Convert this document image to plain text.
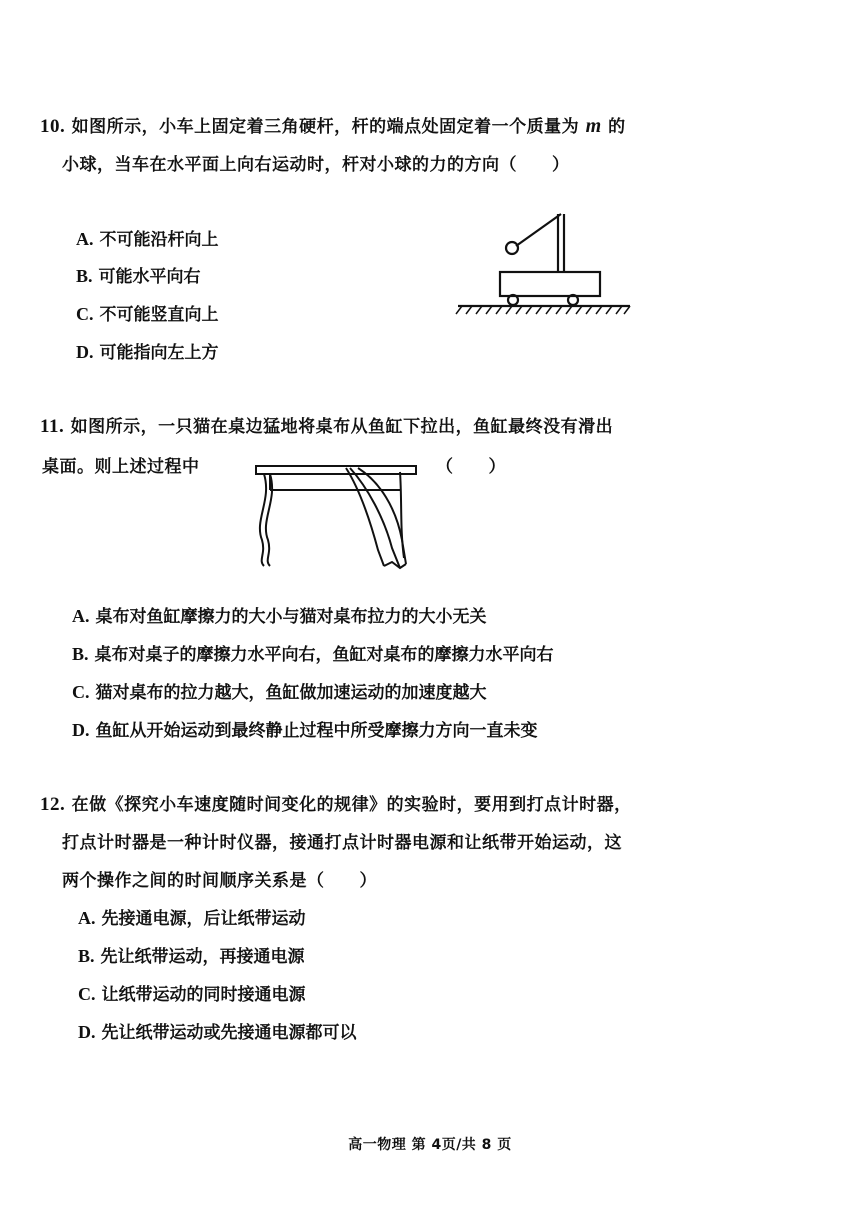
10. 如图所示，小车上固定着三角硬杆，杆的端点处固定着一个质量为 m 的
小球，当车在水平面上向右运动时，杆对小球的力的方向（　　）
A. 不可能沿杆向上
B. 可能水平向右
C. 不可能竖直向上
D. 可能指向左上方
11. 如图所示，一只猫在桌边猛地将桌布从鱼缸下拉出，鱼缸最终没有滑出
桌面。则上述过程中	（　　）
A. 桌布对鱼缸摩擦力的大小与猫对桌布拉力的大小无关
B. 桌布对桌子的摩擦力水平向右，鱼缸对桌布的摩擦力水平向右
C. 猫对桌布的拉力越大，鱼缸做加速运动的加速度越大
D. 鱼缸从开始运动到最终静止过程中所受摩擦力方向一直未变
12. 在做《探究小车速度随时间变化的规律》的实验时，要用到打点计时器，
打点计时器是一种计时仪器，接通打点计时器电源和让纸带开始运动，这
两个操作之间的时间顺序关系是（　　）
A. 先接通电源，后让纸带运动
B. 先让纸带运动，再接通电源
C. 让纸带运动的同时接通电源
D. 先让纸带运动或先接通电源都可以
高一物理 第 4页/共 8 页
